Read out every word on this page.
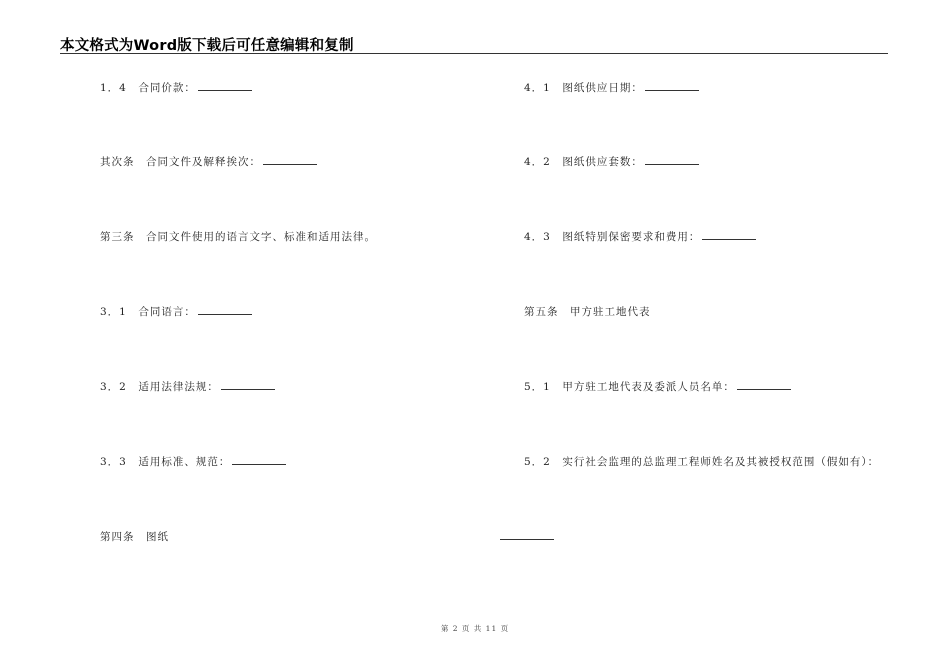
本文格式为Word版下载后可任意编辑和复制
1．4　合同价款：
其次条　合同文件及解释挨次：
第三条　合同文件使用的语言文字、标准和适用法律。
3．1　合同语言：
3．2　适用法律法规：
3．3　适用标准、规范：
第四条　图纸
4．1　图纸供应日期：
4．2　图纸供应套数：
4．3　图纸特别保密要求和费用：
第五条　甲方驻工地代表
5．1　甲方驻工地代表及委派人员名单：
5．2　实行社会监理的总监理工程师姓名及其被授权范围（假如有）：
第 2 页 共 11 页
